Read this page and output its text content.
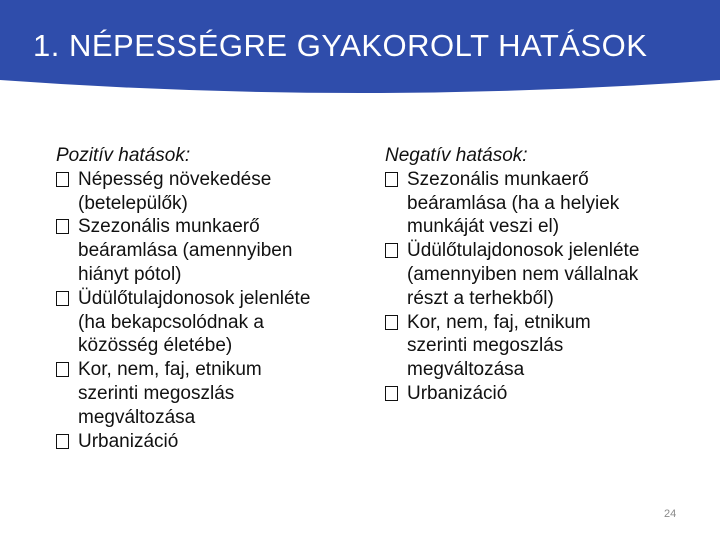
1. NÉPESSÉGRE GYAKOROLT HATÁSOK
Pozitív hatások:
Népesség növekedése
(betelepülők)
Szezonális munkaerő
beáramlása (amennyiben
hiányt pótol)
Üdülőtulajdonosok jelenléte
(ha bekapcsolódnak a
közösség életébe)
Kor, nem, faj, etnikum
szerinti megoszlás
megváltozása
Urbanizáció
Negatív hatások:
Szezonális munkaerő
beáramlása (ha a helyiek
munkáját veszi el)
Üdülőtulajdonosok jelenléte
(amennyiben nem vállalnak
részt a terhekből)
Kor, nem, faj, etnikum
szerinti megoszlás
megváltozása
Urbanizáció
24
